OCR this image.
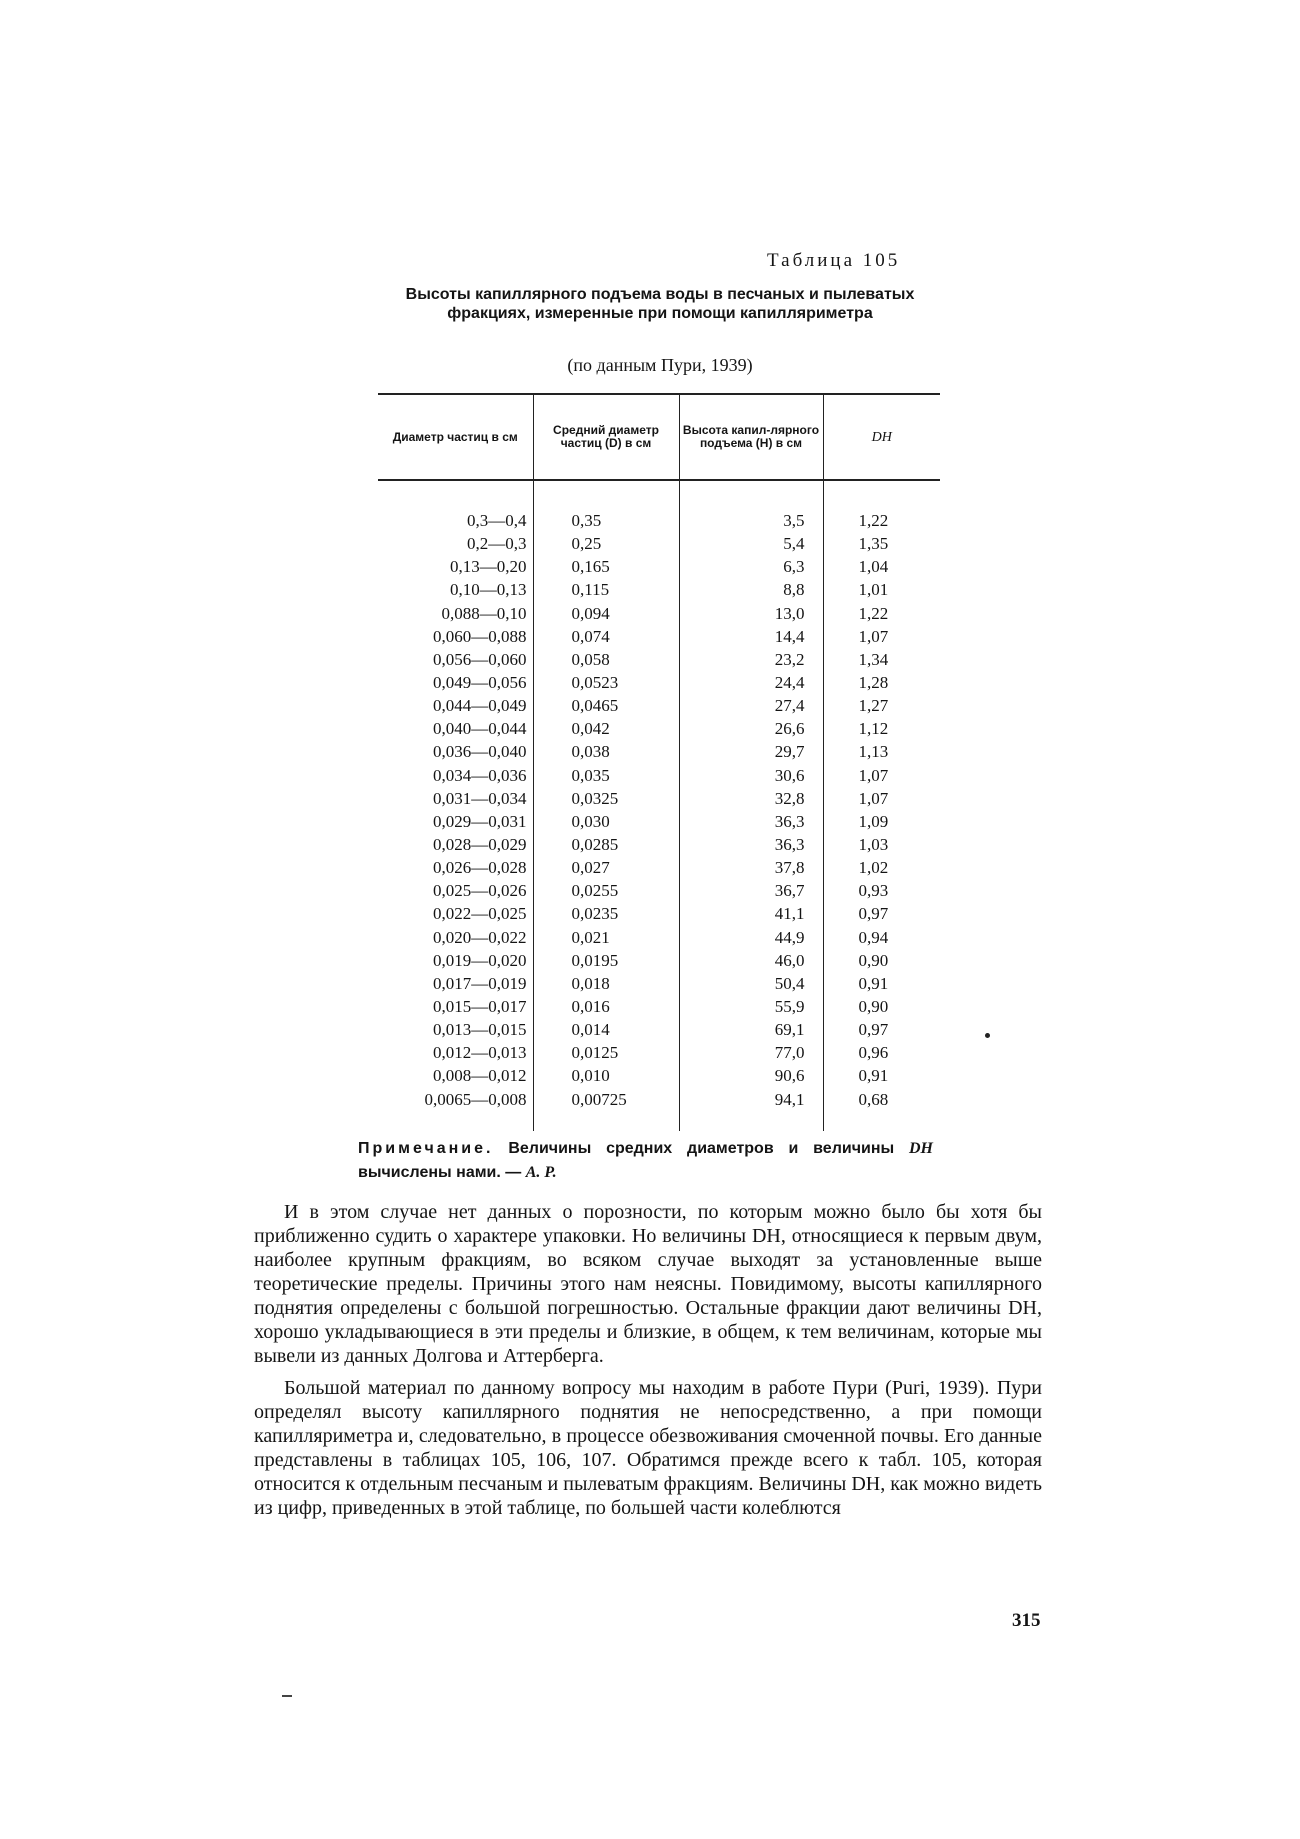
Таблица 105
Высоты капиллярного подъема воды в песчаных и пылеватых фракциях, измеренные при помощи капилляриметра
(по данным Пури, 1939)
Диаметр частиц в см	Средний диаметр частиц (D) в см	Высота капил-лярного подъема (H) в см	DH

0,3—0,4	0,35	3,5	1,22
0,2—0,3	0,25	5,4	1,35
0,13—0,20	0,165	6,3	1,04
0,10—0,13	0,115	8,8	1,01
0,088—0,10	0,094	13,0	1,22
0,060—0,088	0,074	14,4	1,07
0,056—0,060	0,058	23,2	1,34
0,049—0,056	0,0523	24,4	1,28
0,044—0,049	0,0465	27,4	1,27
0,040—0,044	0,042	26,6	1,12
0,036—0,040	0,038	29,7	1,13
0,034—0,036	0,035	30,6	1,07
0,031—0,034	0,0325	32,8	1,07
0,029—0,031	0,030	36,3	1,09
0,028—0,029	0,0285	36,3	1,03
0,026—0,028	0,027	37,8	1,02
0,025—0,026	0,0255	36,7	0,93
0,022—0,025	0,0235	41,1	0,97
0,020—0,022	0,021	44,9	0,94
0,019—0,020	0,0195	46,0	0,90
0,017—0,019	0,018	50,4	0,91
0,015—0,017	0,016	55,9	0,90
0,013—0,015	0,014	69,1	0,97
0,012—0,013	0,0125	77,0	0,96
0,008—0,012	0,010	90,6	0,91
0,0065—0,008	0,00725	94,1	0,68

Примечание. Величины средних диаметров и величины DH вычислены нами. — А. Р.

И в этом случае нет данных о порозности, по которым можно было бы хотя бы приближенно судить о характере упаковки. Но величины DH, относящиеся к первым двум, наиболее крупным фракциям, во всяком случае выходят за установленные выше теоретические пределы. Причины этого нам неясны. Повидимому, высоты капиллярного поднятия определены с большой погрешностью. Остальные фракции дают величины DH, хорошо укладывающиеся в эти пределы и близкие, в общем, к тем величинам, которые мы вывели из данных Долгова и Аттерберга.

Большой материал по данному вопросу мы находим в работе Пури (Puri, 1939). Пури определял высоту капиллярного поднятия не непосредственно, а при помощи капилляриметра и, следовательно, в процессе обезвоживания смоченной почвы. Его данные представлены в таблицах 105, 106, 107. Обратимся прежде всего к табл. 105, которая относится к отдельным песчаным и пылеватым фракциям. Величины DH, как можно видеть из цифр, приведенных в этой таблице, по большей части колеблются

315
